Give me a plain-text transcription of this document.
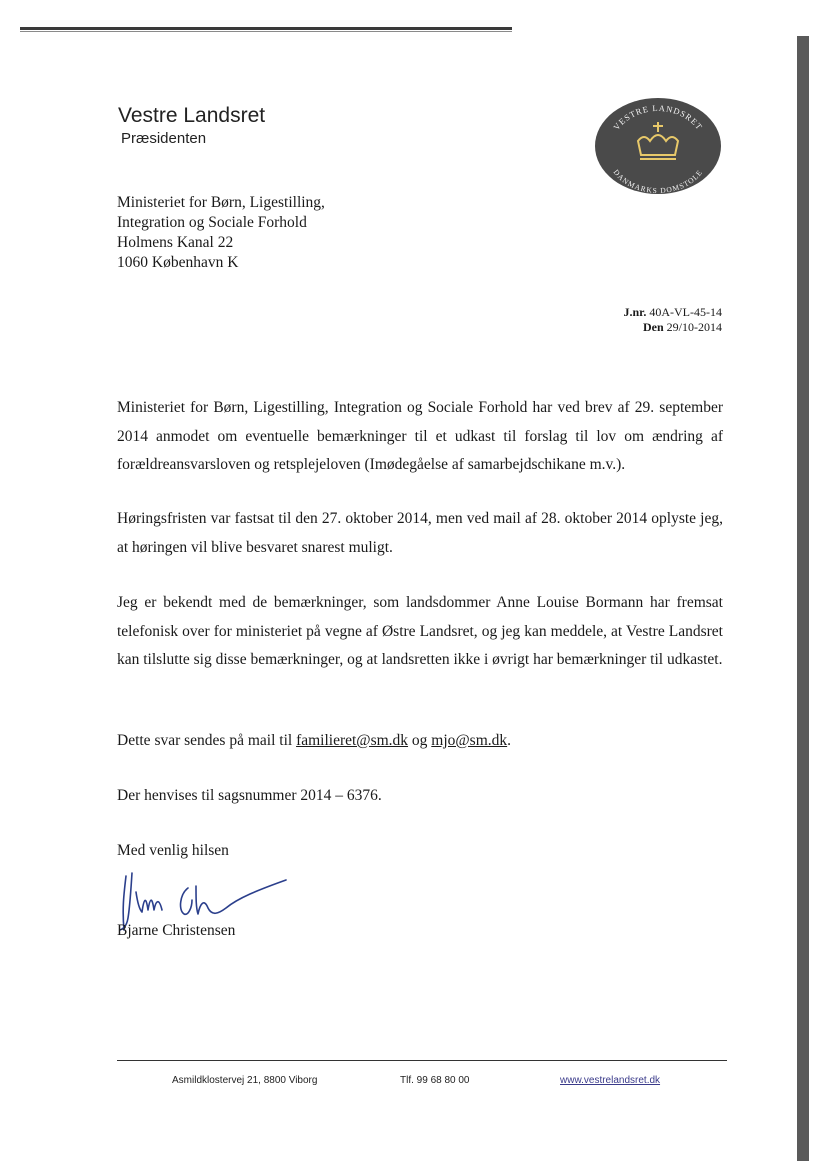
Vestre Landsret
Præsidenten
VESTRE LANDSRET
DANMARKS DOMSTOLE
Ministeriet for Børn, Ligestilling,
Integration og Sociale Forhold
Holmens Kanal 22
1060 København K
J.nr. 40A-VL-45-14
Den 29/10-2014
Ministeriet for Børn, Ligestilling, Integration og Sociale Forhold har ved brev af 29. september 2014 anmodet om eventuelle bemærkninger til et udkast til forslag til lov om ændring af forældreansvarsloven og retsplejeloven (Imødegåelse af samarbejdschikane m.v.).
Høringsfristen var fastsat til den 27. oktober 2014, men ved mail af 28. oktober 2014 oplyste jeg, at høringen vil blive besvaret snarest muligt.
Jeg er bekendt med de bemærkninger, som landsdommer Anne Louise Bormann har fremsat telefonisk over for ministeriet på vegne af Østre Landsret, og jeg kan meddele, at Vestre Landsret kan tilslutte sig disse bemærkninger, og at landsretten ikke i øvrigt har bemærkninger til udkastet.
Dette svar sendes på mail til familieret@sm.dk og mjo@sm.dk.
Der henvises til sagsnummer 2014 – 6376.
Med venlig hilsen
Bjarne Christensen
Asmildklostervej 21, 8800 Viborg	Tlf. 99 68 80 00	www.vestrelandsret.dk
